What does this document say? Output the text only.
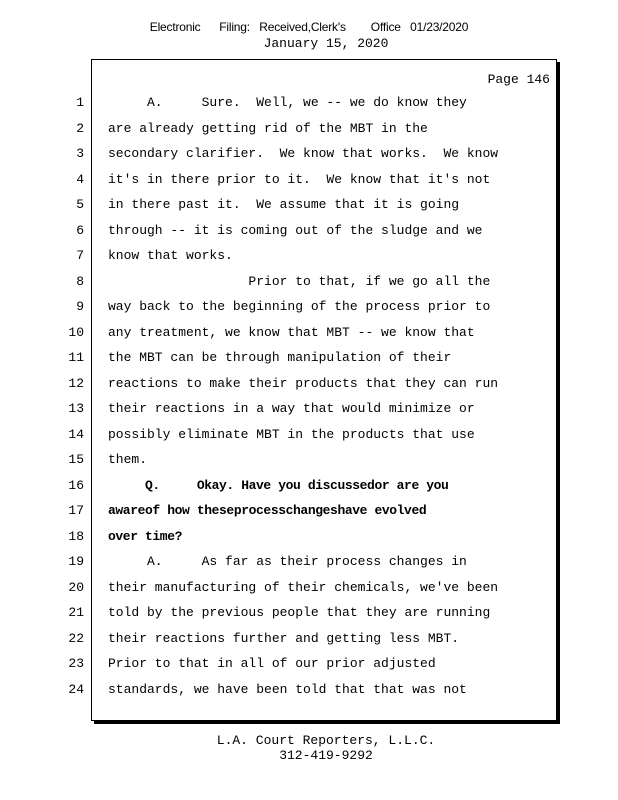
Electronic      Filing:   Received,Clerk's        Office   01/23/2020
January 15, 2020
Page 146
1
2
3
4
5
6
7
8
9
10
11
12
13
14
15
16
17
18
19
20
21
22
23
24
A.     Sure.  Well, we -- we do know they
are already getting rid of the MBT in the
secondary clarifier.  We know that works.  We know
it's in there prior to it.  We know that it's not
in there past it.  We assume that it is going
through -- it is coming out of the sludge and we
know that works.
Prior to that, if we go all the
way back to the beginning of the process prior to
any treatment, we know that MBT -- we know that
the MBT can be through manipulation of their
reactions to make their products that they can run
their reactions in a way that would minimize or
possibly eliminate MBT in the products that use
them.
Q.     Okay. Have you discussedor are you
awareof how theseprocesschangeshave evolved
over time?
A.     As far as their process changes in
their manufacturing of their chemicals, we've been
told by the previous people that they are running
their reactions further and getting less MBT.
Prior to that in all of our prior adjusted
standards, we have been told that that was not
L.A. Court Reporters, L.L.C.
312-419-9292
